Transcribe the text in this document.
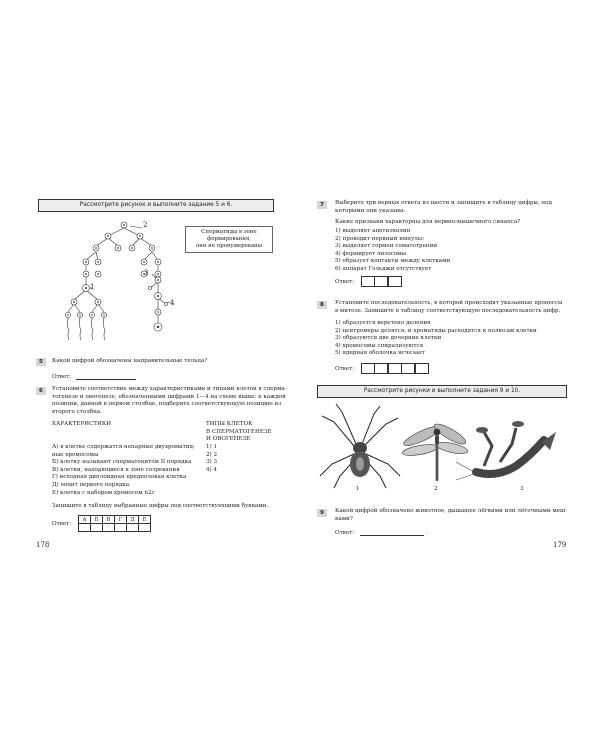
Рассмотрите рисунок и выполните задание 5 и 6.
2
1
3
4
Сперматиды в зоне формирования,
они не пронумерованы
5	Какой цифрой обозначены направительные тельца?
Ответ:
6	Установите соответствие между характеристиками и типами клеток в сперма-
тогенезе и овогенезе, обозначенными цифрами 1—4 на схеме выше: к каждой
позиции, данной в первом столбце, подберите соответствующую позицию из
второго столбца.
ХАРАКТЕРИСТИКИ	ТИПЫ КЛЕТОК
В СПЕРМАТОГЕНЕЗЕ
И ОВОГЕНЕЗЕ
А) в клетке содержатся непарные двухроматид-
ные хромосомы
Б) клетку называют сперматоцитом II порядка
В) клетки, находящиеся в зоне созревания
Г) исходная диплоидная предполовая клетка
Д) ооцит первого порядка
Е) клетка с набором хромосом n2c
1) 1
2) 2
3) 3
4) 4
Запишите в таблицу выбранные цифры под соответствующими буквами.
Ответ:
А	Б	В	Г	Д	Е

178
7	Выберите три верных ответа из шести и запишите в таблицу цифры, под
которыми они указаны.
Какие признаки характерны для нервно-мышечного синапса?
1) выделяет ацетилхолин
2) проводит нервный импульс
3) выделяет гормон соматотропин
4) формирует лизосомы
5) образует контакты между клетками
6) аппарат Гольджи отсутствует
Ответ:
8	Установите последовательность, в которой происходят указанные процессы
в митозе. Запишите в таблицу соответствующую последовательность цифр.
1) образуется веретено деления
2) центромеры делятся, и хроматиды расходятся к полюсам клетки
3) образуются две дочерние клетки
4) хромосомы спирализуются
5) ядерная оболочка исчезает
Ответ:
Рассмотрите рисунки и выполните задания 9 и 10.
1	2	3
9	Какой цифрой обозначено животное, дышащее лёгкими или лёгочными меш-
ками?
Ответ:	.
179
